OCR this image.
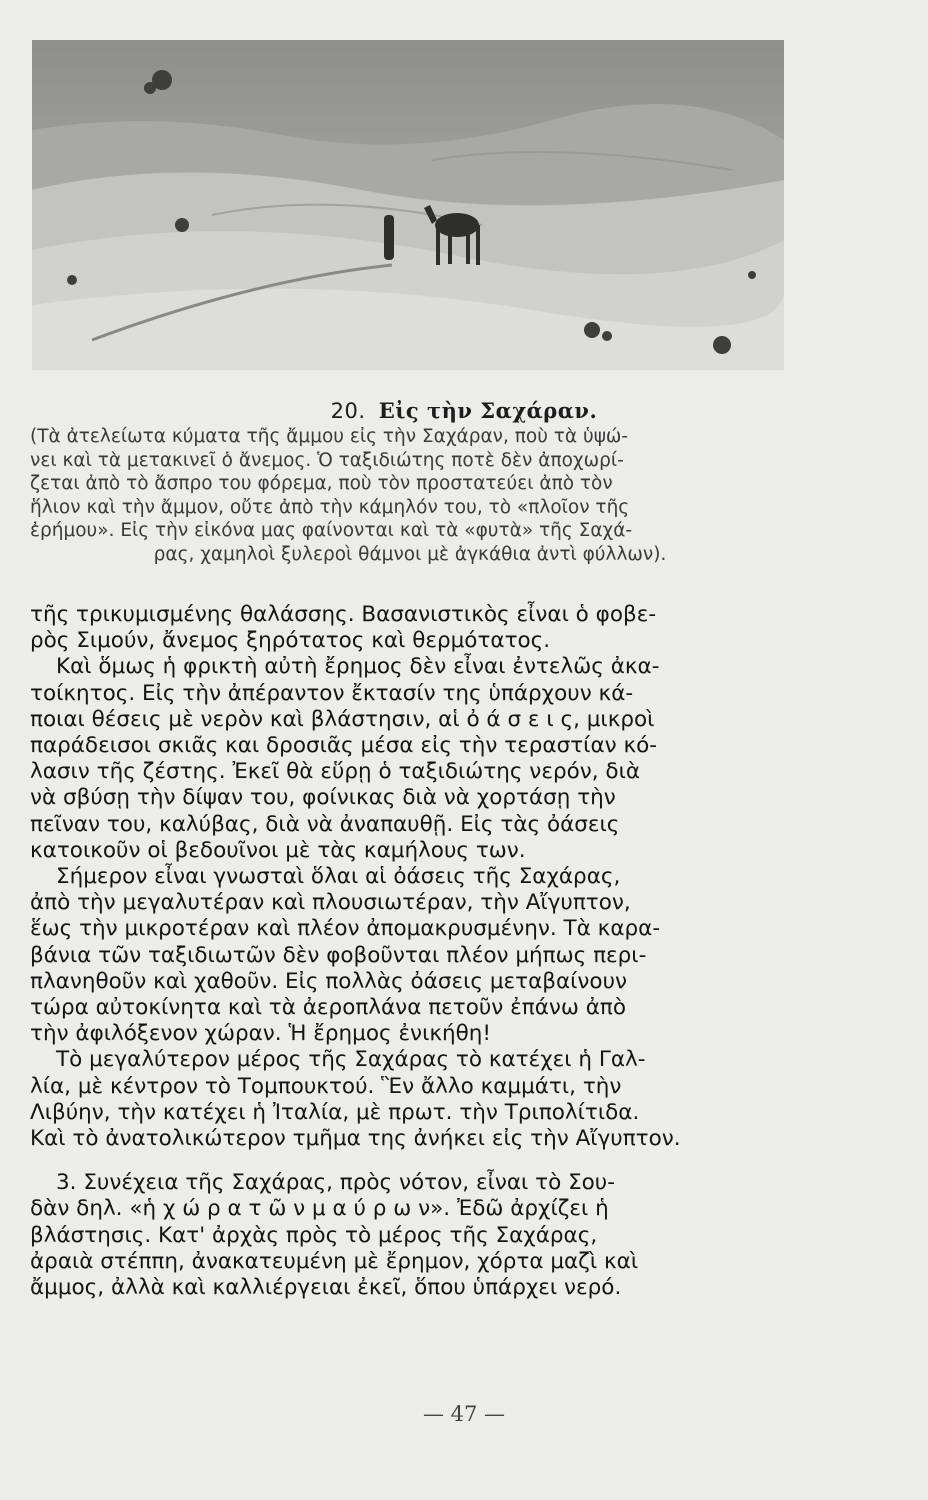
20. Εἰς τὴν Σαχάραν.
(Τὰ ἀτελείωτα κύματα τῆς ἄμμου εἰς τὴν Σαχάραν, ποὺ τὰ ὑψώ-
νει καὶ τὰ μετακινεῖ ὁ ἄνεμος. Ὁ ταξιδιώτης ποτὲ δὲν ἀποχωρί-
ζεται ἀπὸ τὸ ἄσπρο του φόρεμα, ποὺ τὸν προστατεύει ἀπὸ τὸν
ἥλιον καὶ τὴν ἄμμον, οὔτε ἀπὸ τὴν κάμηλόν του, τὸ «πλοῖον τῆς
ἐρήμου». Εἰς τὴν εἰκόνα μας φαίνονται καὶ τὰ «φυτὰ» τῆς Σαχά-
ρας, χαμηλοὶ ξυλεροὶ θάμνοι μὲ ἀγκάθια ἀντὶ φύλλων).
τῆς τρικυμισμένης θαλάσσης. Βασανιστικὸς εἶναι ὁ φοβε-
ρὸς Σιμούν, ἄνεμος ξηρότατος καὶ θερμότατος.
Καὶ ὅμως ἡ φρικτὴ αὐτὴ ἔρημος δὲν εἶναι ἐντελῶς ἀκα-
τοίκητος. Εἰς τὴν ἀπέραντον ἔκτασίν της ὑπάρχουν κά-
ποιαι θέσεις μὲ νερὸν καὶ βλάστησιν, αἱ ὀ ά σ ε ι ς, μικροὶ
παράδεισοι σκιᾶς και δροσιᾶς μέσα εἰς τὴν τεραστίαν κό-
λασιν τῆς ζέστης. Ἐκεῖ θὰ εὕρῃ ὁ ταξιδιώτης νερόν, διὰ
νὰ σβύσῃ τὴν δίψαν του, φοίνικας διὰ νὰ χορτάσῃ τὴν
πεῖναν του, καλύβας, διὰ νὰ ἀναπαυθῇ. Εἰς τὰς ὀάσεις
κατοικοῦν οἱ βεδουῖνοι μὲ τὰς καμήλους των.
Σήμερον εἶναι γνωσταὶ ὅλαι αἱ ὀάσεις τῆς Σαχάρας,
ἀπὸ τὴν μεγαλυτέραν καὶ πλουσιωτέραν, τὴν Αἴγυπτον,
ἕως τὴν μικροτέραν καὶ πλέον ἀπομακρυσμένην. Τὰ καρα-
βάνια τῶν ταξιδιωτῶν δὲν φοβοῦνται πλέον μήπως περι-
πλανηθοῦν καὶ χαθοῦν. Εἰς πολλὰς ὀάσεις μεταβαίνουν
τώρα αὐτοκίνητα καὶ τὰ ἀεροπλάνα πετοῦν ἐπάνω ἀπὸ
τὴν ἀφιλόξενον χώραν. Ἡ ἔρημος ἐνικήθη!
Τὸ μεγαλύτερον μέρος τῆς Σαχάρας τὸ κατέχει ἡ Γαλ-
λία, μὲ κέντρον τὸ Τομπουκτού. Ἓν ἄλλο καμμάτι, τὴν
Λιβύην, τὴν κατέχει ἡ Ἰταλία, μὲ πρωτ. τὴν Τριπολίτιδα.
Καὶ τὸ ἀνατολικώτερον τμῆμα της ἀνήκει εἰς τὴν Αἴγυπτον.
3. Συνέχεια τῆς Σαχάρας, πρὸς νότον, εἶναι τὸ Σου-
δὰν δηλ. «ἡ χ ώ ρ α τ ῶ ν μ α ύ ρ ω ν». Ἐδῶ ἀρχίζει ἡ
βλάστησις. Κατ' ἀρχὰς πρὸς τὸ μέρος τῆς Σαχάρας,
ἀραιὰ στέππη, ἀνακατευμένη μὲ ἔρημον, χόρτα μαζὶ καὶ
ἄμμος, ἀλλὰ καὶ καλλιέργειαι ἐκεῖ, ὅπου ὑπάρχει νερό.
— 47 —
